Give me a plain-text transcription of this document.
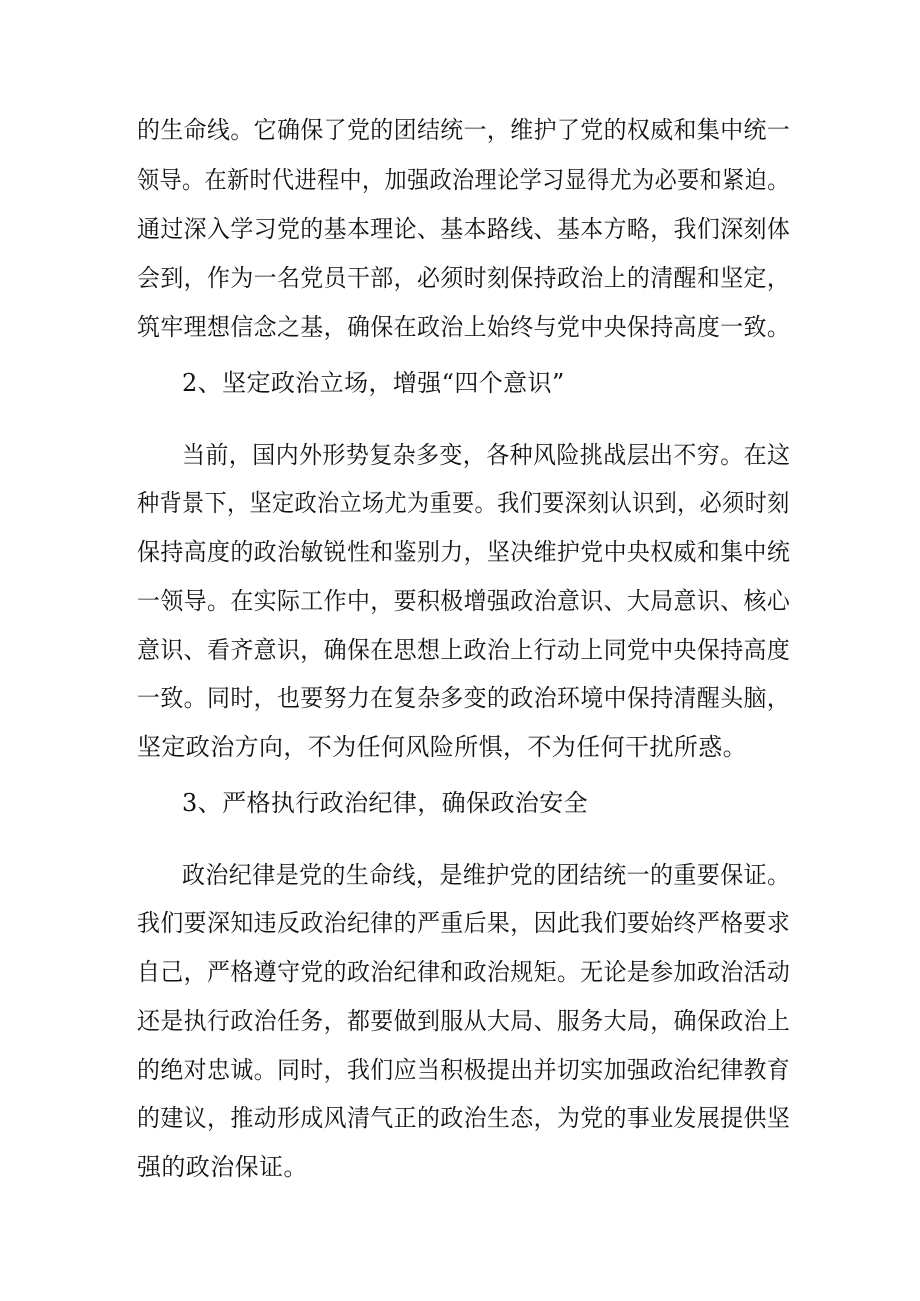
的生命线。它确保了党的团结统一，维护了党的权威和集中统一

领导。在新时代进程中，加强政治理论学习显得尤为必要和紧迫。

通过深入学习党的基本理论、基本路线、基本方略，我们深刻体

会到，作为一名党员干部，必须时刻保持政治上的清醒和坚定，

筑牢理想信念之基，确保在政治上始终与党中央保持高度一致。

2、坚定政治立场，增强“四个意识”

当前，国内外形势复杂多变，各种风险挑战层出不穷。在这

种背景下，坚定政治立场尤为重要。我们要深刻认识到，必须时刻

保持高度的政治敏锐性和鉴别力，坚决维护党中央权威和集中统

一领导。在实际工作中，要积极增强政治意识、大局意识、核心

意识、看齐意识，确保在思想上政治上行动上同党中央保持高度

一致。同时，也要努力在复杂多变的政治环境中保持清醒头脑，

坚定政治方向，不为任何风险所惧，不为任何干扰所惑。

3、严格执行政治纪律，确保政治安全

政治纪律是党的生命线，是维护党的团结统一的重要保证。

我们要深知违反政治纪律的严重后果，因此我们要始终严格要求

自己，严格遵守党的政治纪律和政治规矩。无论是参加政治活动

还是执行政治任务，都要做到服从大局、服务大局，确保政治上

的绝对忠诚。同时，我们应当积极提出并切实加强政治纪律教育

的建议，推动形成风清气正的政治生态，为党的事业发展提供坚

强的政治保证。
